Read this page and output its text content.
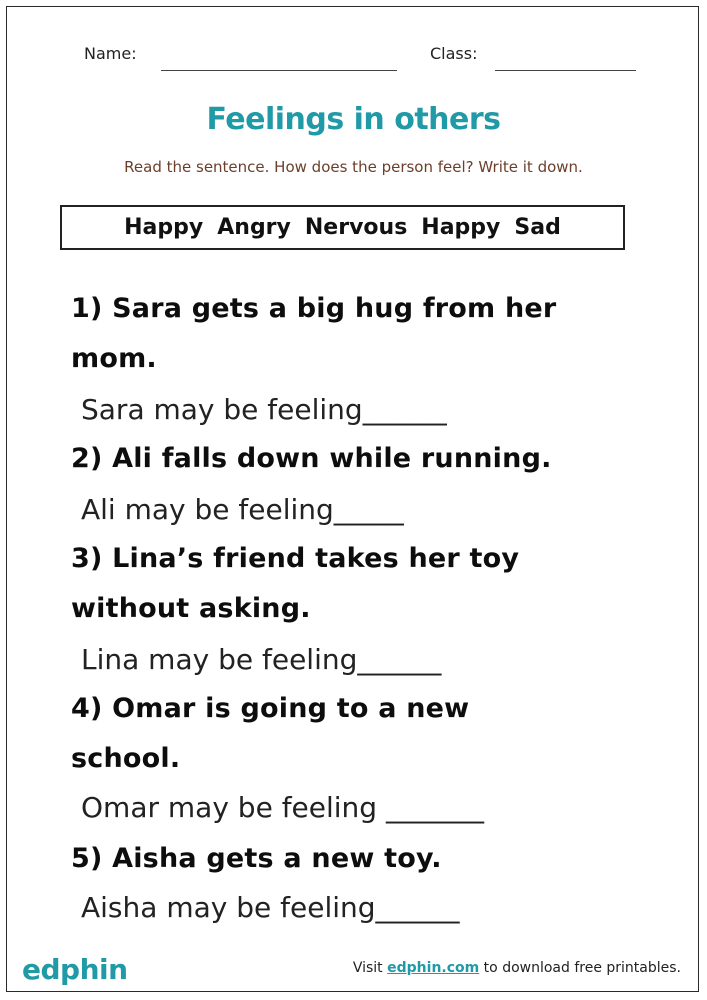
Name:	Class:
Feelings in others
Read the sentence. How does the person feel? Write it down.
Happy Angry Nervous Happy Sad
1) Sara gets a big hug from her
mom.
Sara may be feeling______
2) Ali falls down while running.
Ali may be feeling_____
3) Lina’s friend takes her toy
without asking.
Lina may be feeling______
4) Omar is going to a new
school.
Omar may be feeling _______
5) Aisha gets a new toy.
Aisha may be feeling______
edphin	Visit edphin.com to download free printables.
